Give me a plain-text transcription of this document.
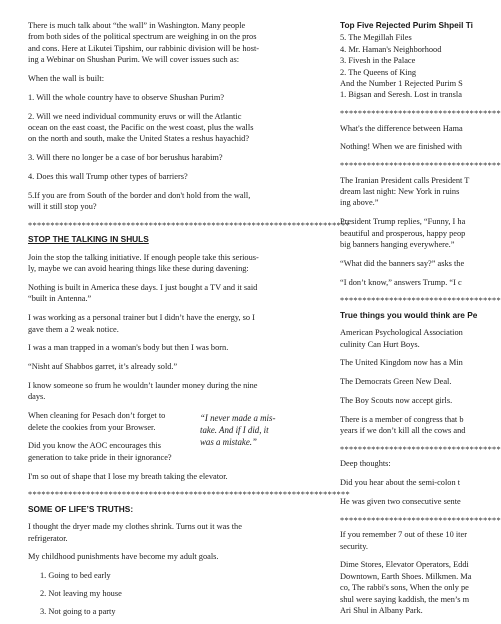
There is much talk about “the wall” in Washington. Many people
from both sides of the political spectrum are weighing in on the pros
and cons. Here at Likutei Tipshim, our rabbinic division will be host-
ing a Webinar on Shushan Purim. We will cover issues such as:

When the wall is built:

1. Will the whole country have to observe Shushan Purim?

2. Will we need individual community eruvs or will the Atlantic
ocean on the east coast, the Pacific on the west coast, plus the walls
on the north and south, make the United States a reshus hayachid?

3. Will there no longer be a case of bor berushus harabim?

4. Does this wall Trump other types of barriers?

5.If you are from South of the border and don't hold from the wall,
will it still stop you?

************************************************************************
STOP THE TALKING IN SHULS

Join the stop the talking initiative. If enough people take this serious-
ly, maybe we can avoid hearing things like these during davening:

Nothing is built in America these days. I just bought a TV and it said
“built in Antenna.”

I was working as a personal trainer but I didn’t have the energy, so I
gave them a 2 weak notice.

I was a man trapped in a woman's body but then I was born.

“Nisht auf Shabbos garret, it’s already sold.”

I know someone so frum he wouldn’t launder money during the nine
days.

When cleaning for Pesach don’t forget to
delete the cookies from your Browser.

Did you know the AOC encourages this
generation to take pride in their ignorance?

“I never made a mis-
take. And if I did, it
was a mistake.”

I'm so out of shape that I lose my breath taking the elevator.

************************************************************************
SOME OF LIFE’S TRUTHS:

I thought the dryer made my clothes shrink. Turns out it was the
refrigerator.

My childhood punishments have become my adult goals.

1. Going to bed early
2. Not leaving my house
3. Not going to a party
Top Five Rejected Purim Shpeil Ti
5. The Megillah Files
4. Mr. Haman's Neighborhood
3. Fivesh in the Palace
2. The Queens of King
And the Number 1 Rejected Purim S

1. Bigsan and Seresh. Lost in transla

************************************

What's the difference between Hama

Nothing! When we are finished with

************************************

The Iranian President calls President T
dream last night: New York in ruins
ing above.”

President Trump replies, “Funny, I ha
beautiful and prosperous, happy peop
big banners hanging everywhere.”

“What did the banners say?” asks the

“I don’t know,” answers Trump. “I c

************************************
True things you would think are Pe

American Psychological Association
culinity Can Hurt Boys.

The United Kingdom now has a Min

The Democrats Green New Deal.

The Boy Scouts now accept girls.

There is a member of congress that b
years if we don’t kill all the cows and

************************************

Deep thoughts:

Did you hear about the semi-colon t

He was given two consecutive sente

************************************

If you remember 7 out of these 10 iter
security.

Dime Stores, Elevator Operators, Eddi
Downtown, Earth Shoes. Milkmen. Ma
co, The rabbi's sons, When the only pe
shul were saying kaddish, the men’s m
Ari Shul in Albany Park.
